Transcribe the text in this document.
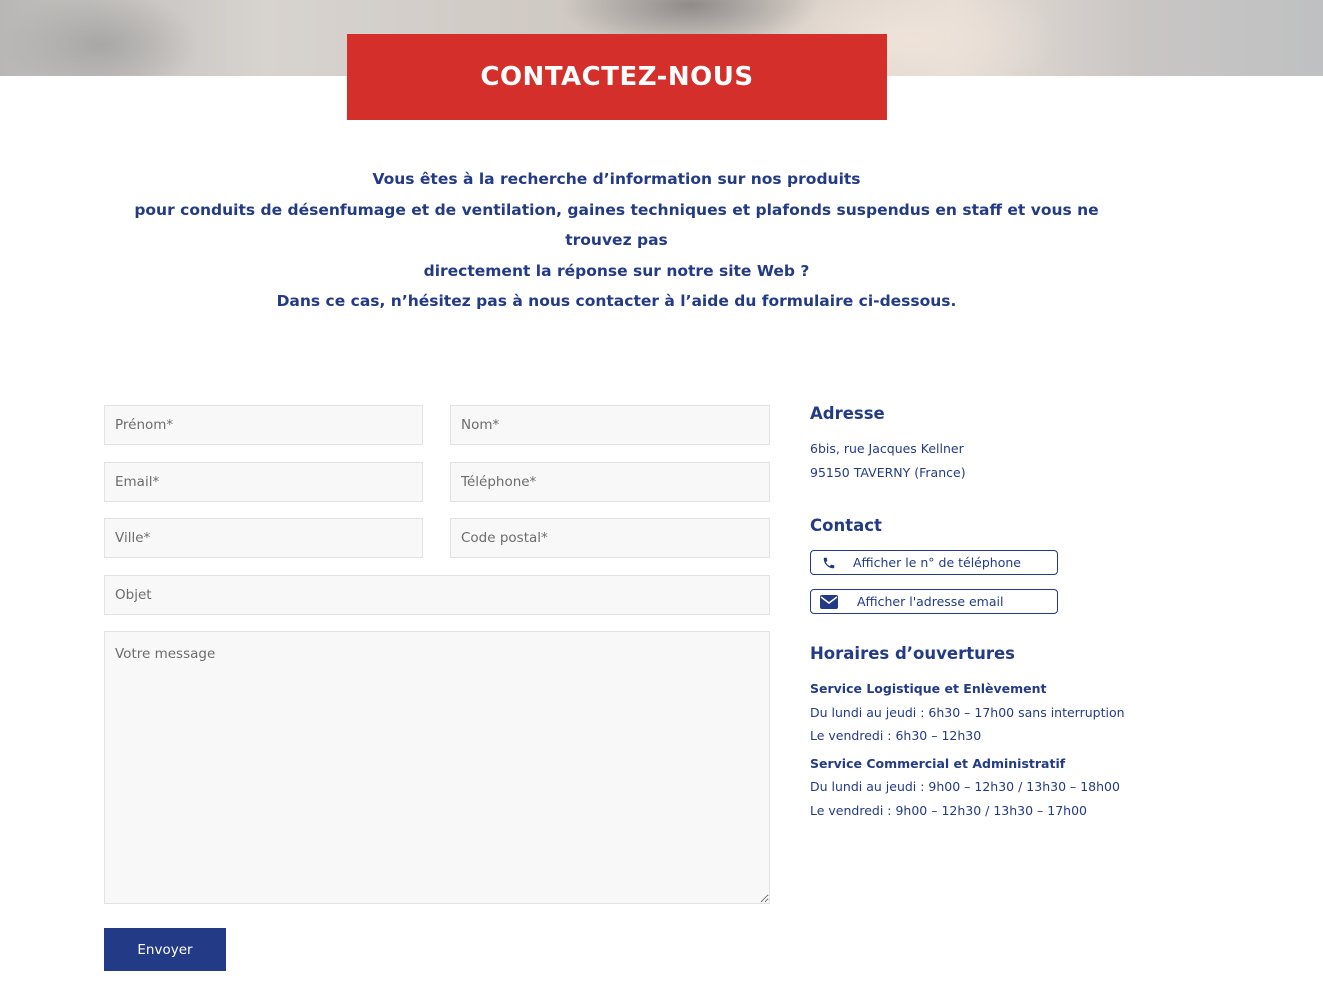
CONTACTEZ-NOUS

Vous êtes à la recherche d’information sur nos produits

pour conduits de désenfumage et de ventilation, gaines techniques et plafonds suspendus en staff et vous ne trouvez pas

directement la réponse sur notre site Web ?

Dans ce cas, n’hésitez pas à nous contacter à l’aide du formulaire ci-dessous.

Prénom*
Nom*
Email*
Téléphone*
Ville*
Code postal*
Objet
Votre message
Envoyer
Adresse
6bis, rue Jacques Kellner
95150 TAVERNY (France)
Contact
Afficher le n° de téléphone
Afficher l'adresse email
Horaires d’ouvertures
Service Logistique et Enlèvement
Du lundi au jeudi : 6h30 – 17h00 sans interruption
Le vendredi : 6h30 – 12h30
Service Commercial et Administratif
Du lundi au jeudi : 9h00 – 12h30 / 13h30 – 18h00
Le vendredi : 9h00 – 12h30 / 13h30 – 17h00
